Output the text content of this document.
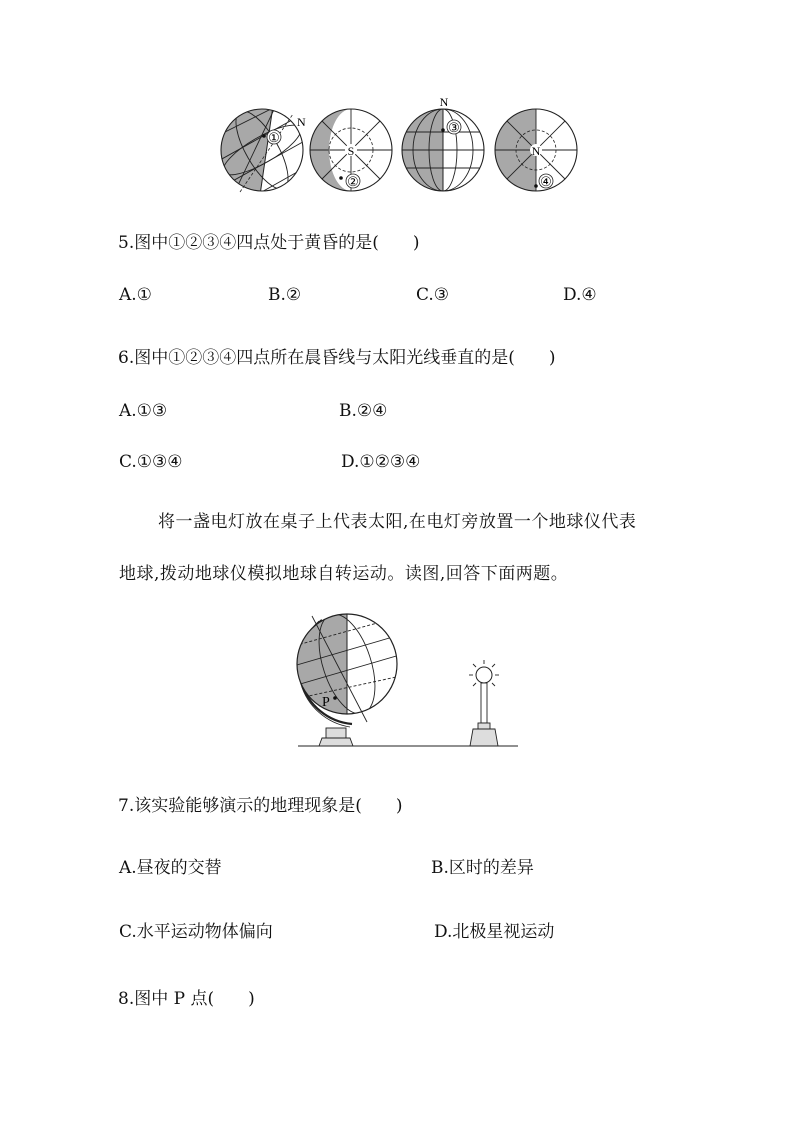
①
N
S
②
N
③
N
④
5.图中①②③④四点处于黄昏的是(　　)
A.①	B.②	C.③	D.④
6.图中①②③④四点所在晨昏线与太阳光线垂直的是(　　)
A.①③	B.②④
C.①③④	D.①②③④
将一盏电灯放在桌子上代表太阳,在电灯旁放置一个地球仪代表
地球,拨动地球仪模拟地球自转运动。读图,回答下面两题。
P
7.该实验能够演示的地理现象是(　　)
A.昼夜的交替	B.区时的差异
C.水平运动物体偏向	D.北极星视运动
8.图中 P 点(　　)
